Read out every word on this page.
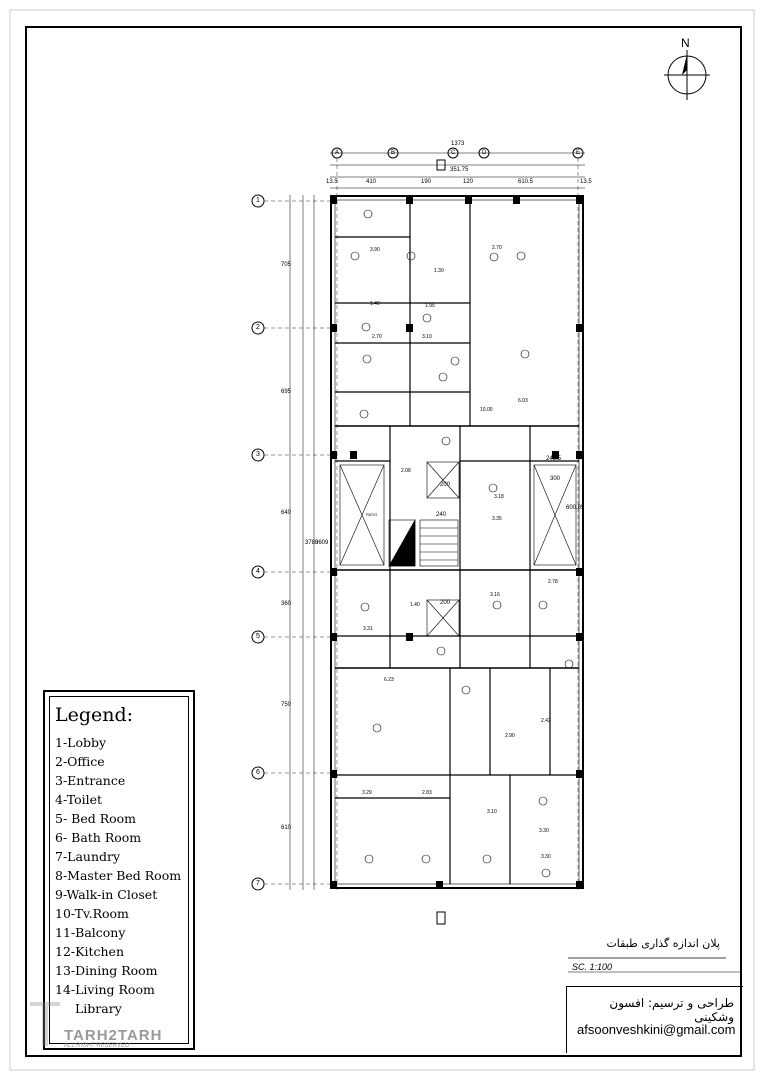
3.90	2.70
1.30
1.95
1.40
2.70	3.10
10.00
6.03
2.08
3.18
3.35
2.78
3.16
3.31
1.40
6.23
3.29	2.83
3.10
3.30
3.30
2.90
2.42
N
1373
351.75
A	B	C	D	E
13.5	410	190	120	610.5	13.5
1
2
3
4
5
6
7
705
695
640
360
750
610
3780
3609
PATIO	240
200
200
300
245.5
600.05
Legend:
1-Lobby
2-Office
3-Entrance
4-Toilet
5- Bed Room
6- Bath Room
7-Laundry
8-Master Bed Room
9-Walk-in Closet
10-Tv.Room
11-Balcony
12-Kitchen
13-Dining Room
14-Living Room
Library
TARH2TARH
ALL RIGHT RESERVED
پلان اندازه گذاری طبقات
SC. 1:100
طراحی و ترسیم: افسون وشکینی
afsoonveshkini@gmail.com
